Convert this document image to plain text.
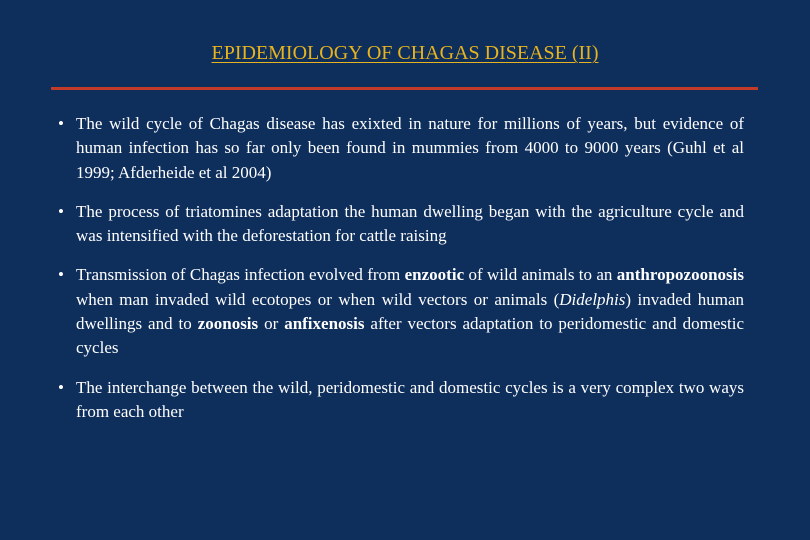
EPIDEMIOLOGY OF CHAGAS DISEASE (II)
• The wild cycle of Chagas disease has exixted in nature for millions of years, but evidence of human infection has so far only been found in mummies from 4000 to 9000 years (Guhl et al 1999; Afderheide et al 2004)
• The process of triatomines adaptation the human dwelling began with the agriculture cycle and was intensified with the deforestation for cattle raising
• Transmission of Chagas infection evolved from enzootic of wild animals to an anthropozoonosis when man invaded wild ecotopes or when wild vectors or animals (Didelphis) invaded human dwellings and to zoonosis or anfixenosis after vectors adaptation to peridomestic and domestic cycles
• The interchange between the wild, peridomestic and domestic cycles is a very complex two ways from each other
